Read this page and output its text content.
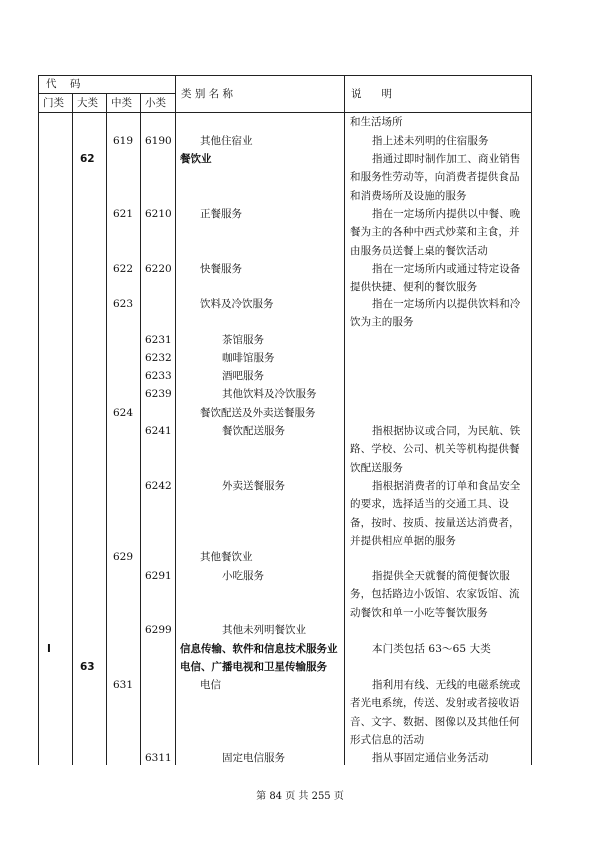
代    码
门类 大类 中类 小类
类 别 名 称	说      明
和生活场所
619 6190	其他住宿业	指上述未列明的住宿服务
62	餐饮业	指通过即时制作加工、商业销售和服务性劳动等，向消费者提供食品和消费场所及设施的服务
621 6210	正餐服务	指在一定场所内提供以中餐、晚餐为主的各种中西式炒菜和主食，并由服务员送餐上桌的餐饮活动
622 6220	快餐服务	指在一定场所内或通过特定设备提供快捷、便利的餐饮服务
623	饮料及冷饮服务	指在一定场所内以提供饮料和冷饮为主的服务
6231	茶馆服务
6232	咖啡馆服务
6233	酒吧服务
6239	其他饮料及冷饮服务
624	餐饮配送及外卖送餐服务
6241	餐饮配送服务	指根据协议或合同，为民航、铁路、学校、公司、机关等机构提供餐饮配送服务
6242	外卖送餐服务	指根据消费者的订单和食品安全的要求，选择适当的交通工具、设备，按时、按质、按量送达消费者，并提供相应单据的服务
629	其他餐饮业
6291	小吃服务	指提供全天就餐的简便餐饮服务，包括路边小饭馆、农家饭馆、流动餐饮和单一小吃等餐饮服务
6299	其他未列明餐饮业
I	信息传输、软件和信息技术服务业	本门类包括 63～65 大类
63	电信、广播电视和卫星传输服务
631	电信	指利用有线、无线的电磁系统或者光电系统，传送、发射或者接收语音、文字、数据、图像以及其他任何形式信息的活动
6311	固定电信服务	指从事固定通信业务活动
第 84 页 共 255 页
